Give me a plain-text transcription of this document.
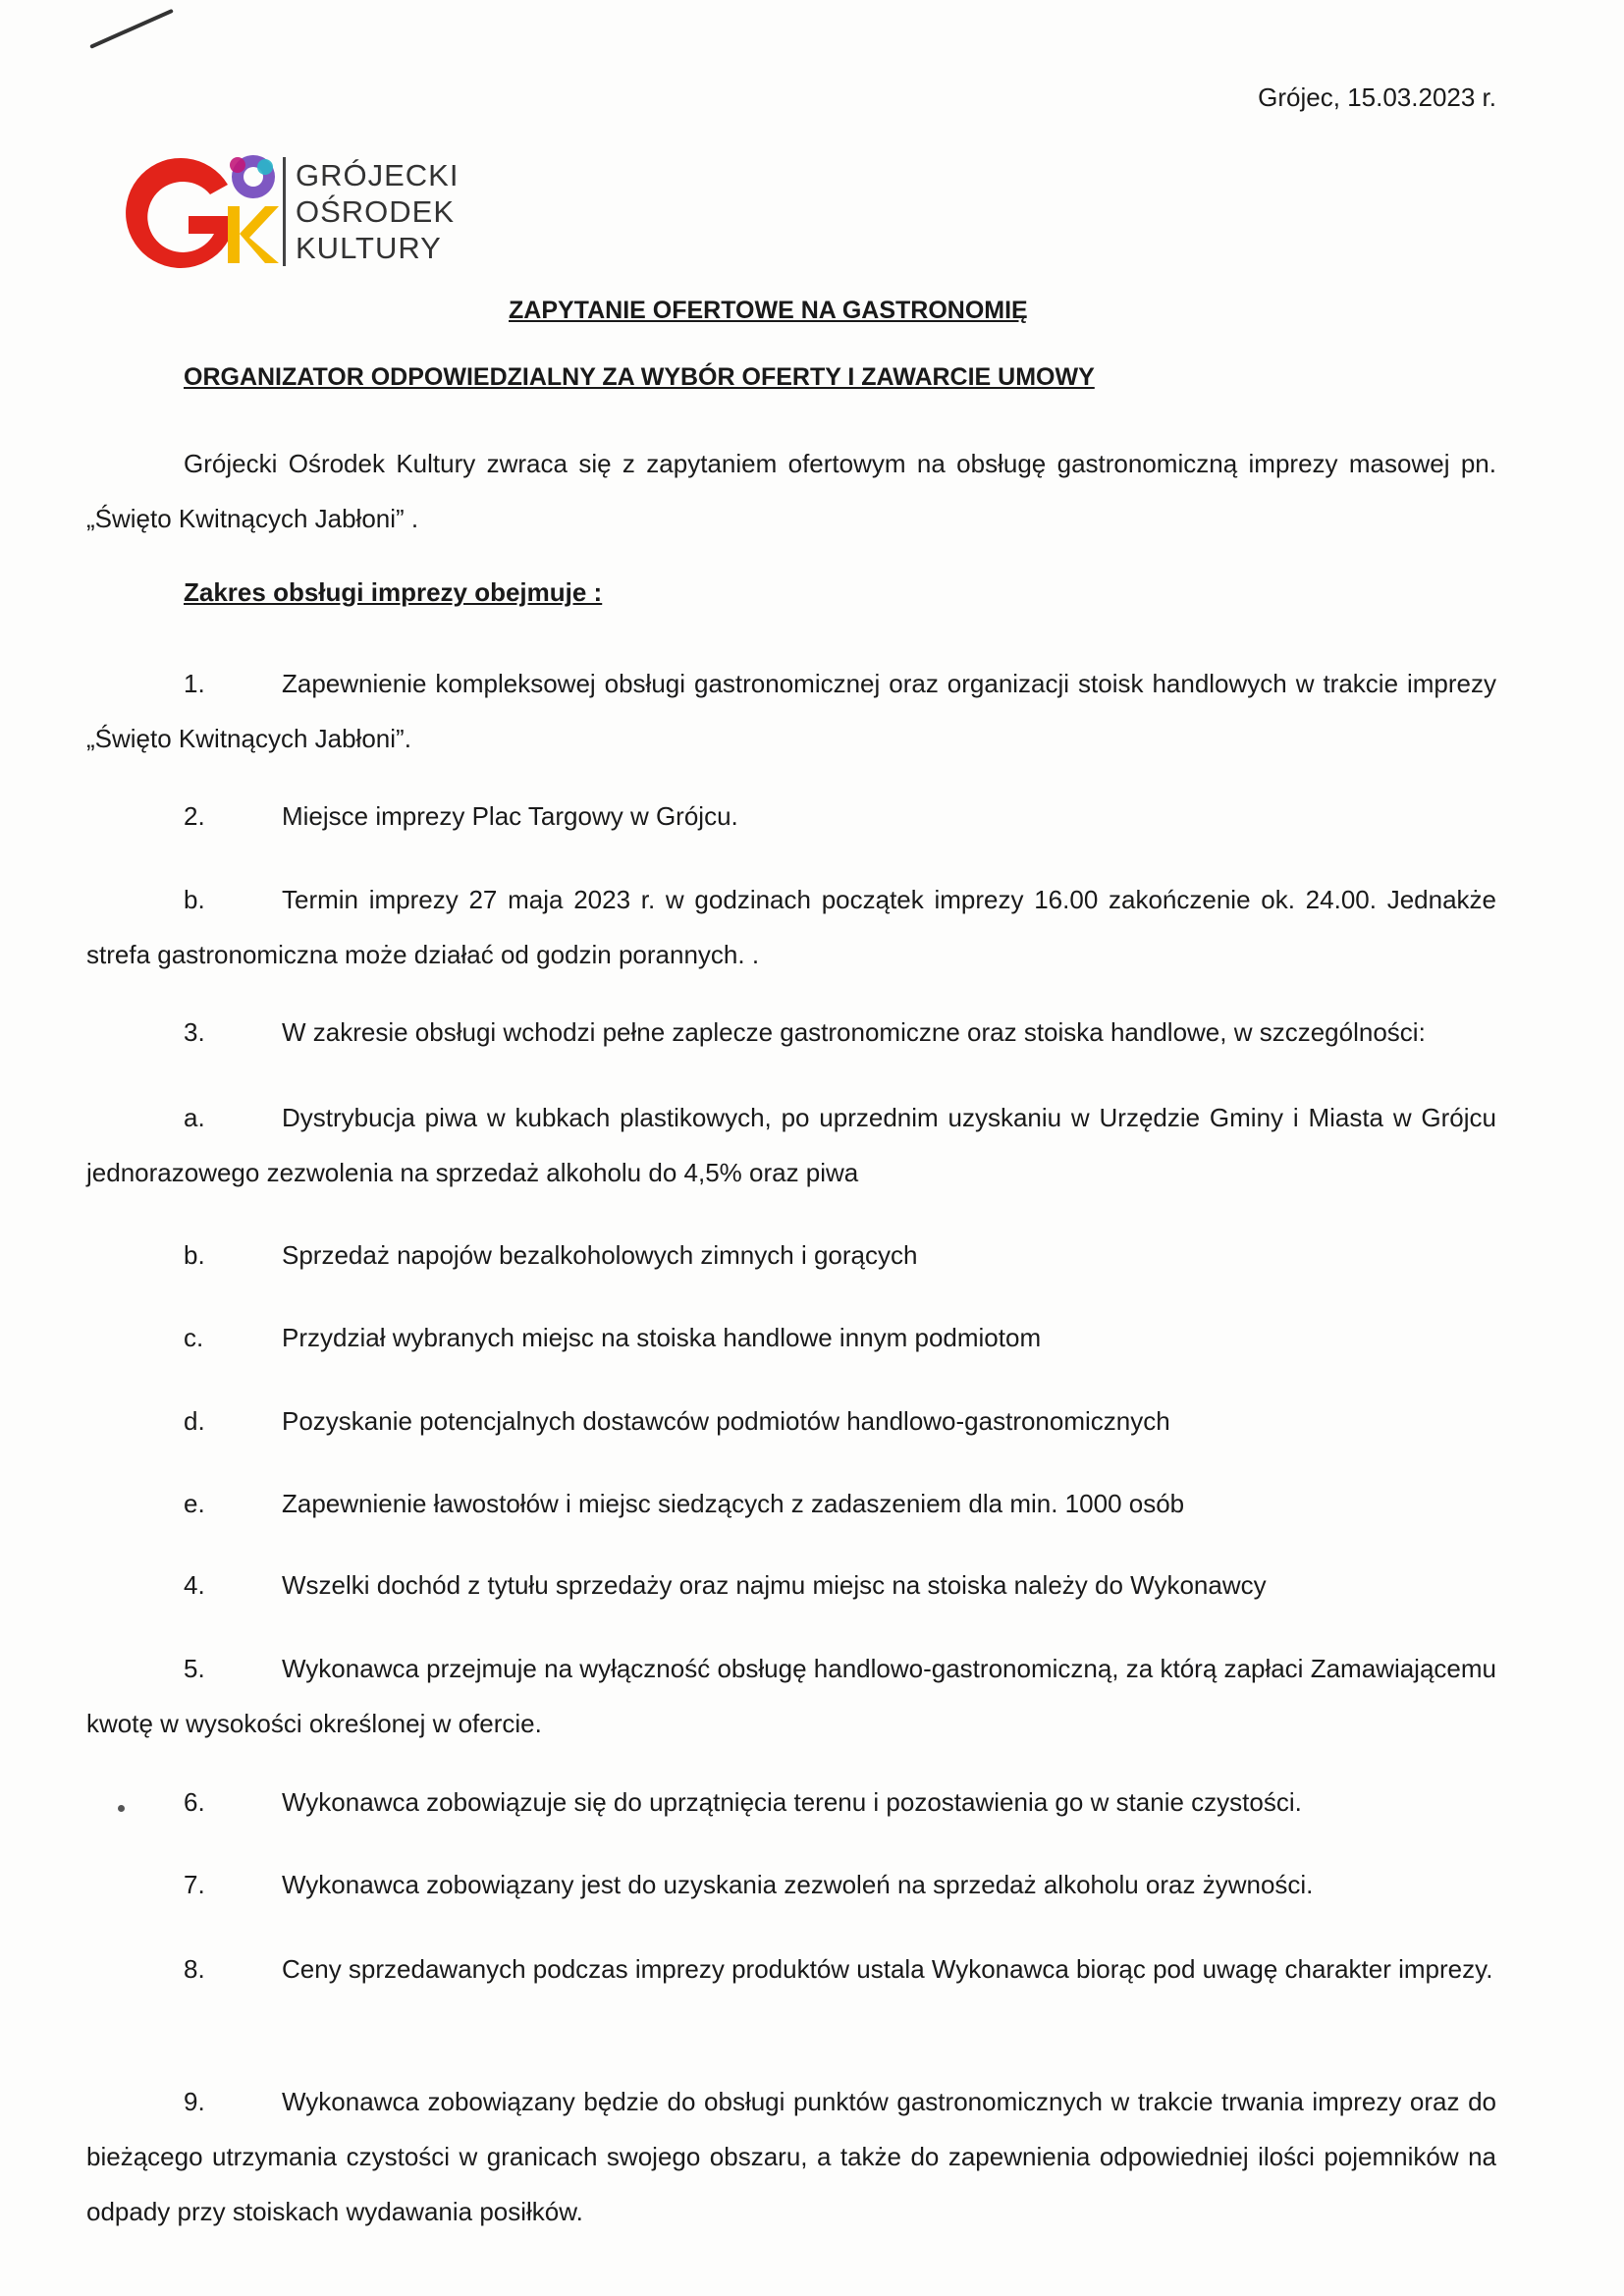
Grójec, 15.03.2023 r.
GRÓJECKI
OŚRODEK
KULTURY
ZAPYTANIE OFERTOWE NA GASTRONOMIĘ
ORGANIZATOR ODPOWIEDZIALNY ZA WYBÓR OFERTY I ZAWARCIE UMOWY
Grójecki Ośrodek Kultury zwraca się z zapytaniem ofertowym na obsługę gastronomiczną imprezy masowej pn. „Święto Kwitnących Jabłoni” .
Zakres obsługi imprezy obejmuje :
1.	Zapewnienie kompleksowej obsługi gastronomicznej oraz organizacji stoisk handlowych w trakcie imprezy „Święto Kwitnących Jabłoni”.
2.	Miejsce imprezy Plac Targowy w Grójcu.
b.	Termin imprezy 27 maja 2023 r. w godzinach początek imprezy 16.00 zakończenie ok. 24.00. Jednakże strefa gastronomiczna może działać od godzin porannych. .
3.	W zakresie obsługi wchodzi pełne zaplecze gastronomiczne oraz stoiska handlowe, w szczególności:
a.	Dystrybucja piwa w kubkach plastikowych, po uprzednim uzyskaniu w Urzędzie Gminy i Miasta w Grójcu jednorazowego zezwolenia na sprzedaż alkoholu do 4,5% oraz piwa
b.	Sprzedaż napojów bezalkoholowych zimnych i gorących
c.	Przydział wybranych miejsc na stoiska handlowe innym podmiotom
d.	Pozyskanie potencjalnych dostawców podmiotów handlowo-gastronomicznych
e.	Zapewnienie ławostołów i miejsc siedzących z zadaszeniem dla min. 1000 osób
4.	Wszelki dochód z tytułu sprzedaży oraz najmu miejsc na stoiska należy do Wykonawcy
5.	Wykonawca przejmuje na wyłączność obsługę handlowo-gastronomiczną, za którą zapłaci Zamawiającemu kwotę w wysokości określonej w ofercie.
6.	Wykonawca zobowiązuje się do uprzątnięcia terenu i pozostawienia go w stanie czystości.
7.	Wykonawca zobowiązany jest do uzyskania zezwoleń na sprzedaż alkoholu oraz żywności.
8.	Ceny sprzedawanych podczas imprezy produktów ustala Wykonawca biorąc pod uwagę charakter imprezy.
9.	Wykonawca zobowiązany będzie do obsługi punktów gastronomicznych w trakcie trwania imprezy oraz do bieżącego utrzymania czystości w granicach swojego obszaru, a także do zapewnienia odpowiedniej ilości pojemników na odpady przy stoiskach wydawania posiłków.
